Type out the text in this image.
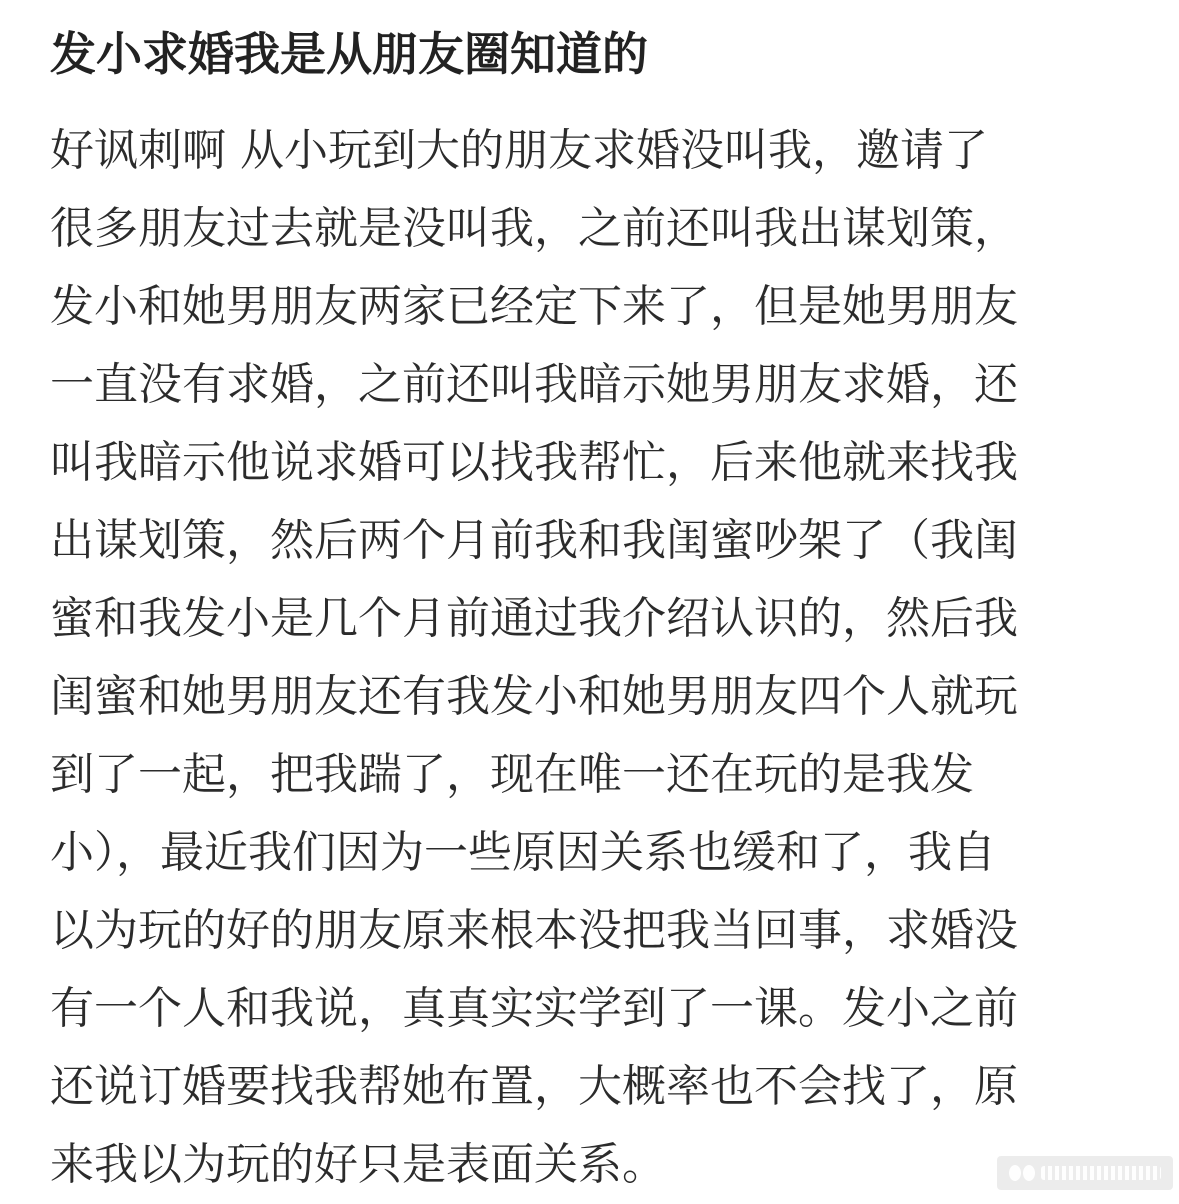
发小求婚我是从朋友圈知道的
好讽刺啊 从小玩到大的朋友求婚没叫我，邀请了
很多朋友过去就是没叫我，之前还叫我出谋划策，
发小和她男朋友两家已经定下来了，但是她男朋友
一直没有求婚，之前还叫我暗示她男朋友求婚，还
叫我暗示他说求婚可以找我帮忙，后来他就来找我
出谋划策，然后两个月前我和我闺蜜吵架了（我闺
蜜和我发小是几个月前通过我介绍认识的，然后我
闺蜜和她男朋友还有我发小和她男朋友四个人就玩
到了一起，把我踹了，现在唯一还在玩的是我发
小），最近我们因为一些原因关系也缓和了，我自
以为玩的好的朋友原来根本没把我当回事，求婚没
有一个人和我说，真真实实学到了一课。发小之前
还说订婚要找我帮她布置，大概率也不会找了，原
来我以为玩的好只是表面关系。
